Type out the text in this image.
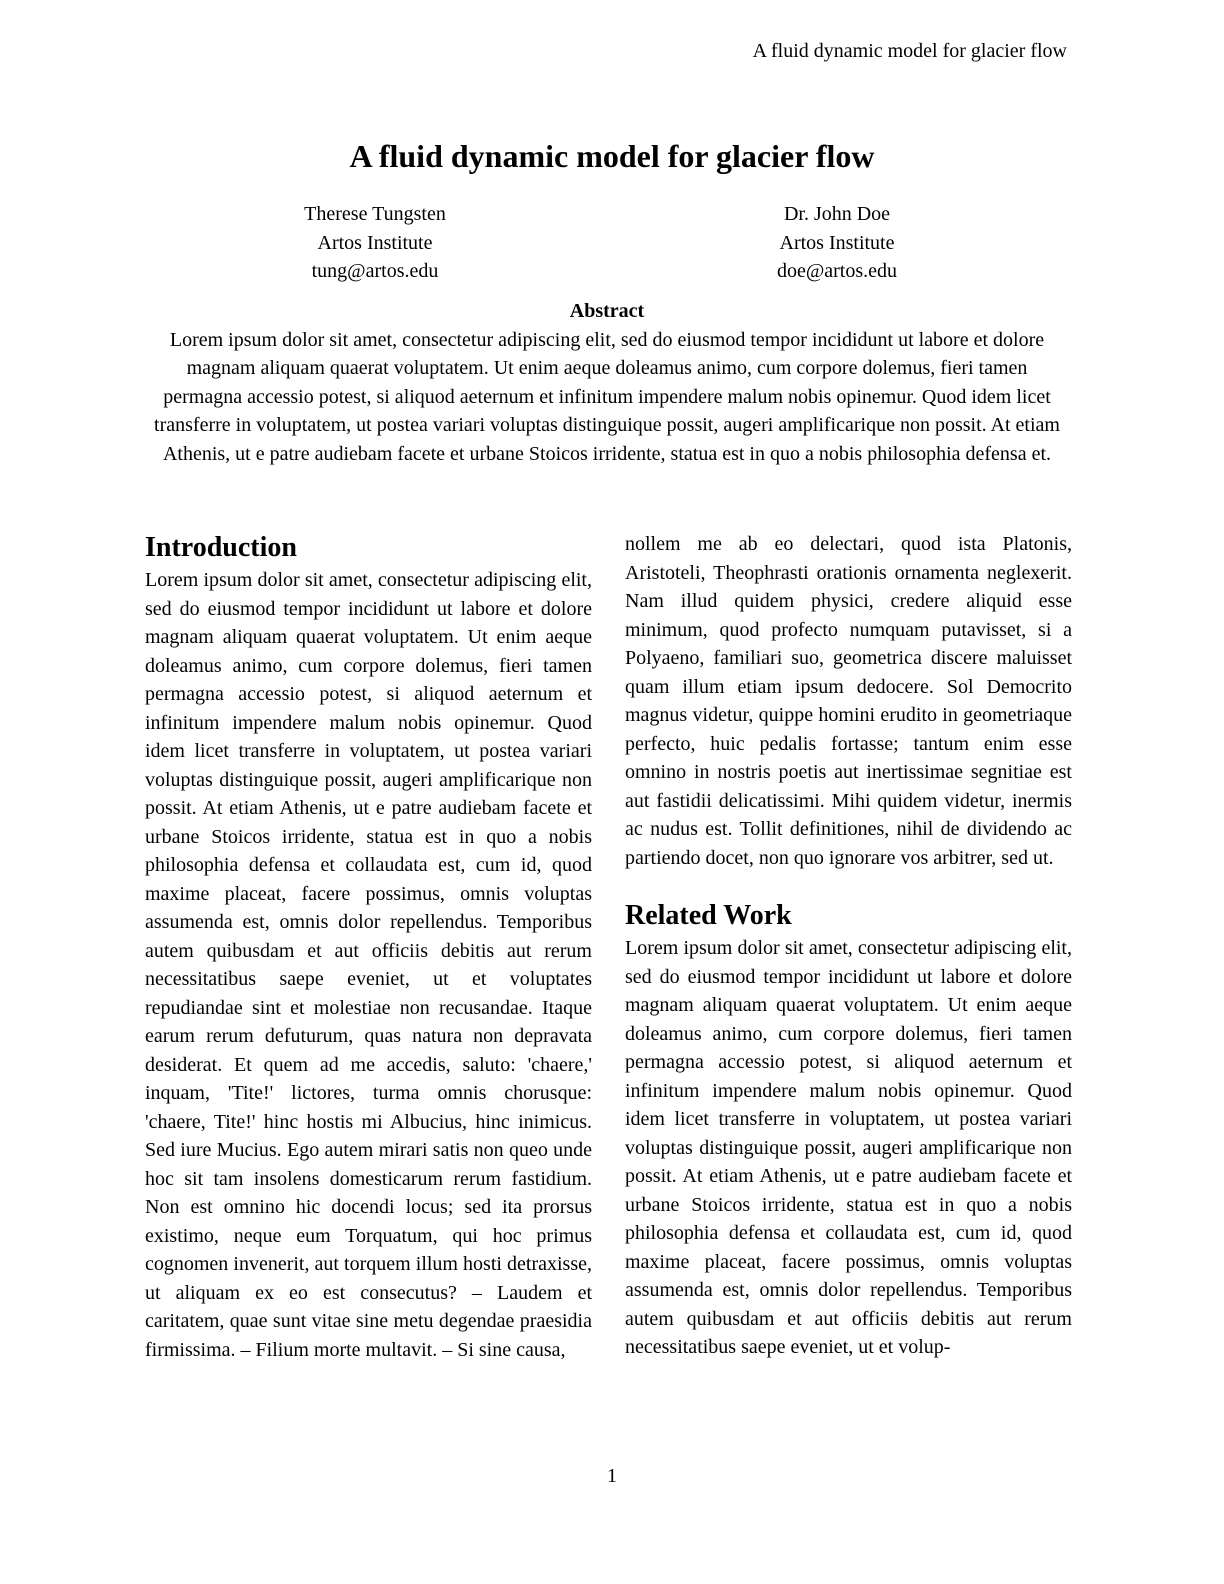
A fluid dynamic model for glacier flow
A fluid dynamic model for glacier flow
Therese Tungsten
Artos Institute
tung@artos.edu
Dr. John Doe
Artos Institute
doe@artos.edu
Abstract

Lorem ipsum dolor sit amet, consectetur adipiscing elit, sed do eiusmod tempor incididunt ut labore et dolore magnam aliquam quaerat voluptatem. Ut enim aeque doleamus animo, cum corpore dolemus, fieri tamen permagna accessio potest, si aliquod aeternum et infinitum impendere malum nobis opinemur. Quod idem licet transferre in voluptatem, ut postea variari voluptas distinguique possit, augeri amplificarique non possit. At etiam Athenis, ut e patre audiebam facete et urbane Stoicos irridente, statua est in quo a nobis philosophia defensa et.

Introduction

Lorem ipsum dolor sit amet, consectetur adipiscing elit, sed do eiusmod tempor incididunt ut labore et dolore magnam aliquam quaerat voluptatem. Ut enim aeque doleamus animo, cum corpore dolemus, fieri tamen permagna accessio potest, si aliquod aeternum et infinitum impendere malum nobis opinemur. Quod idem licet transferre in voluptatem, ut postea variari voluptas distinguique possit, augeri amplificarique non possit. At etiam Athenis, ut e patre audiebam facete et urbane Stoicos irridente, statua est in quo a nobis philosophia defensa et collaudata est, cum id, quod maxime placeat, facere possimus, omnis voluptas assumenda est, omnis dolor repellendus. Temporibus autem quibusdam et aut officiis debitis aut rerum necessitatibus saepe eveniet, ut et voluptates repudiandae sint et molestiae non recusandae. Itaque earum rerum defuturum, quas natura non depravata desiderat. Et quem ad me accedis, saluto: 'chaere,' inquam, 'Tite!' lictores, turma omnis chorusque: 'chaere, Tite!' hinc hostis mi Albucius, hinc inimicus. Sed iure Mucius. Ego autem mirari satis non queo unde hoc sit tam insolens domesticarum rerum fastidium. Non est omnino hic docendi locus; sed ita prorsus existimo, neque eum Torquatum, qui hoc primus cognomen invenerit, aut torquem illum hosti detraxisse, ut aliquam ex eo est consecutus? – Laudem et caritatem, quae sunt vitae sine metu degendae praesidia firmissima. – Filium morte multavit. – Si sine causa,

nollem me ab eo delectari, quod ista Platonis, Aristoteli, Theophrasti orationis ornamenta neglexerit. Nam illud quidem physici, credere aliquid esse minimum, quod profecto numquam putavisset, si a Polyaeno, familiari suo, geometrica discere maluisset quam illum etiam ipsum dedocere. Sol Democrito magnus videtur, quippe homini erudito in geometriaque perfecto, huic pedalis fortasse; tantum enim esse omnino in nostris poetis aut inertissimae segnitiae est aut fastidii delicatissimi. Mihi quidem videtur, inermis ac nudus est. Tollit definitiones, nihil de dividendo ac partiendo docet, non quo ignorare vos arbitrer, sed ut.

Related Work

Lorem ipsum dolor sit amet, consectetur adipiscing elit, sed do eiusmod tempor incididunt ut labore et dolore magnam aliquam quaerat voluptatem. Ut enim aeque doleamus animo, cum corpore dolemus, fieri tamen permagna accessio potest, si aliquod aeternum et infinitum impendere malum nobis opinemur. Quod idem licet transferre in voluptatem, ut postea variari voluptas distinguique possit, augeri amplificarique non possit. At etiam Athenis, ut e patre audiebam facete et urbane Stoicos irridente, statua est in quo a nobis philosophia defensa et collaudata est, cum id, quod maxime placeat, facere possimus, omnis voluptas assumenda est, omnis dolor repellendus. Temporibus autem quibusdam et aut officiis debitis aut rerum necessitatibus saepe eveniet, ut et volup-

1
